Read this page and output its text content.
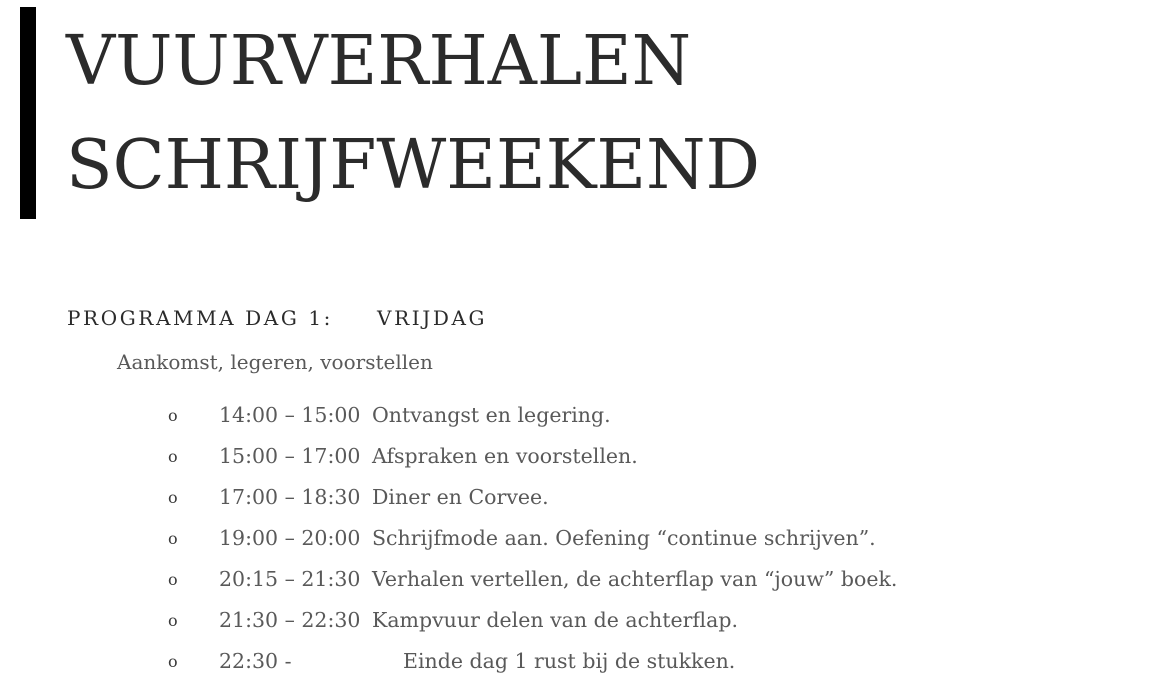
VUURVERHALEN
SCHRIJFWEEKEND
PROGRAMMA DAG 1: VRIJDAG

Aankomst, legeren, voorstellen

o 14:00 – 15:00 Ontvangst en legering.
o 15:00 – 17:00 Afspraken en voorstellen.
o 17:00 – 18:30 Diner en Corvee.
o 19:00 – 20:00 Schrijfmode aan. Oefening “continue schrijven”.
o 20:15 – 21:30 Verhalen vertellen, de achterflap van “jouw” boek.
o 21:30 – 22:30 Kampvuur delen van de achterflap.
o 22:30 -	Einde dag 1 rust bij de stukken.
